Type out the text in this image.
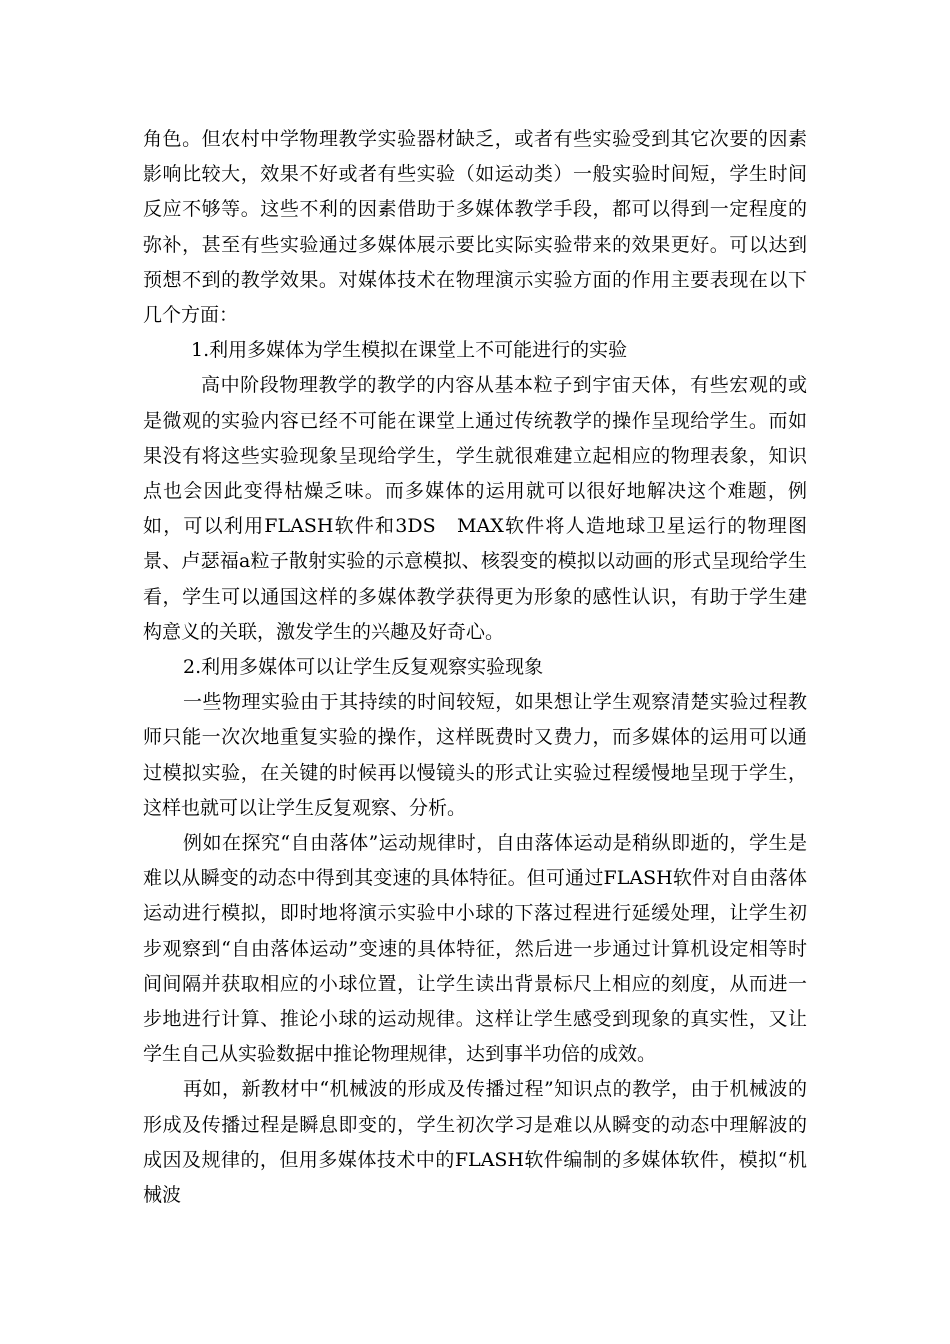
角色。但农村中学物理教学实验器材缺乏，或者有些实验受到其它次要的因素影响比较大，效果不好或者有些实验（如运动类）一般实验时间短，学生时间反应不够等。这些不利的因素借助于多媒体教学手段，都可以得到一定程度的弥补，甚至有些实验通过多媒体展示要比实际实验带来的效果更好。可以达到预想不到的教学效果。对媒体技术在物理演示实验方面的作用主要表现在以下几个方面：

1.利用多媒体为学生模拟在课堂上不可能进行的实验

高中阶段物理教学的教学的内容从基本粒子到宇宙天体，有些宏观的或是微观的实验内容已经不可能在课堂上通过传统教学的操作呈现给学生。而如果没有将这些实验现象呈现给学生，学生就很难建立起相应的物理表象，知识点也会因此变得枯燥乏味。而多媒体的运用就可以很好地解决这个难题，例如，可以利用FLASH软件和3DS　MAX软件将人造地球卫星运行的物理图景、卢瑟福a粒子散射实验的示意模拟、核裂变的模拟以动画的形式呈现给学生看，学生可以通国这样的多媒体教学获得更为形象的感性认识，有助于学生建构意义的关联，激发学生的兴趣及好奇心。

2.利用多媒体可以让学生反复观察实验现象

一些物理实验由于其持续的时间较短，如果想让学生观察清楚实验过程教师只能一次次地重复实验的操作，这样既费时又费力，而多媒体的运用可以通过模拟实验，在关键的时候再以慢镜头的形式让实验过程缓慢地呈现于学生，这样也就可以让学生反复观察、分析。

例如在探究“自由落体”运动规律时，自由落体运动是稍纵即逝的，学生是难以从瞬变的动态中得到其变速的具体特征。但可通过FLASH软件对自由落体运动进行模拟，即时地将演示实验中小球的下落过程进行延缓处理，让学生初步观察到“自由落体运动”变速的具体特征，然后进一步通过计算机设定相等时间间隔并获取相应的小球位置，让学生读出背景标尺上相应的刻度，从而进一步地进行计算、推论小球的运动规律。这样让学生感受到现象的真实性，又让学生自己从实验数据中推论物理规律，达到事半功倍的成效。

再如，新教材中“机械波的形成及传播过程”知识点的教学，由于机械波的形成及传播过程是瞬息即变的，学生初次学习是难以从瞬变的动态中理解波的成因及规律的，但用多媒体技术中的FLASH软件编制的多媒体软件，模拟“机械波
